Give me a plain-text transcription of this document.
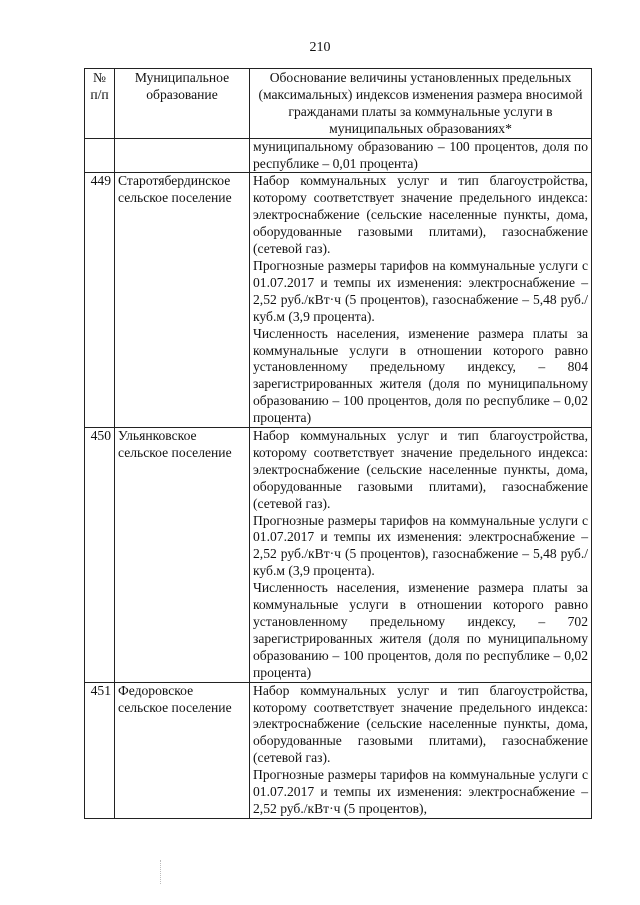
210
№ п/п	Муниципальное образование	Обоснование величины установленных предельных (максимальных) индексов изменения размера вносимой гражданами платы за коммунальные услуги в муниципальных образованиях*
		муниципальному образованию – 100 процентов, доля по республике – 0,01 процента)
449	Старотябердинское сельское поселение	Набор коммунальных услуг и тип благоустройства, которому соответствует значение предельного индекса: электроснабжение (сельские населенные пункты, дома, оборудованные газовыми плитами), газоснабжение (сетевой газ).

Прогнозные размеры тарифов на коммунальные услуги с 01.07.2017 и темпы их изменения: электроснабжение – 2,52 руб./кВт·ч (5 процентов), газоснабжение – 5,48 руб./куб.м (3,9 процента).

Численность населения, изменение размера платы за коммунальные услуги в отношении которого равно установленному предельному индексу, – 804 зарегистрированных жителя (доля по муниципальному образованию – 100 процентов, доля по республике – 0,02 процента)

450	Ульянковское сельское поселение	Набор коммунальных услуг и тип благоустройства, которому соответствует значение предельного индекса: электроснабжение (сельские населенные пункты, дома, оборудованные газовыми плитами), газоснабжение (сетевой газ).

Прогнозные размеры тарифов на коммунальные услуги с 01.07.2017 и темпы их изменения: электроснабжение – 2,52 руб./кВт·ч (5 процентов), газоснабжение – 5,48 руб./куб.м (3,9 процента).

Численность населения, изменение размера платы за коммунальные услуги в отношении которого равно установленному предельному индексу, – 702 зарегистрированных жителя (доля по муниципальному образованию – 100 процентов, доля по республике – 0,02 процента)

451	Федоровское сельское поселение	Набор коммунальных услуг и тип благоустройства, которому соответствует значение предельного индекса: электроснабжение (сельские населенные пункты, дома, оборудованные газовыми плитами), газоснабжение (сетевой газ).

Прогнозные размеры тарифов на коммунальные услуги с 01.07.2017 и темпы их изменения: электроснабжение – 2,52 руб./кВт·ч (5 процентов),
